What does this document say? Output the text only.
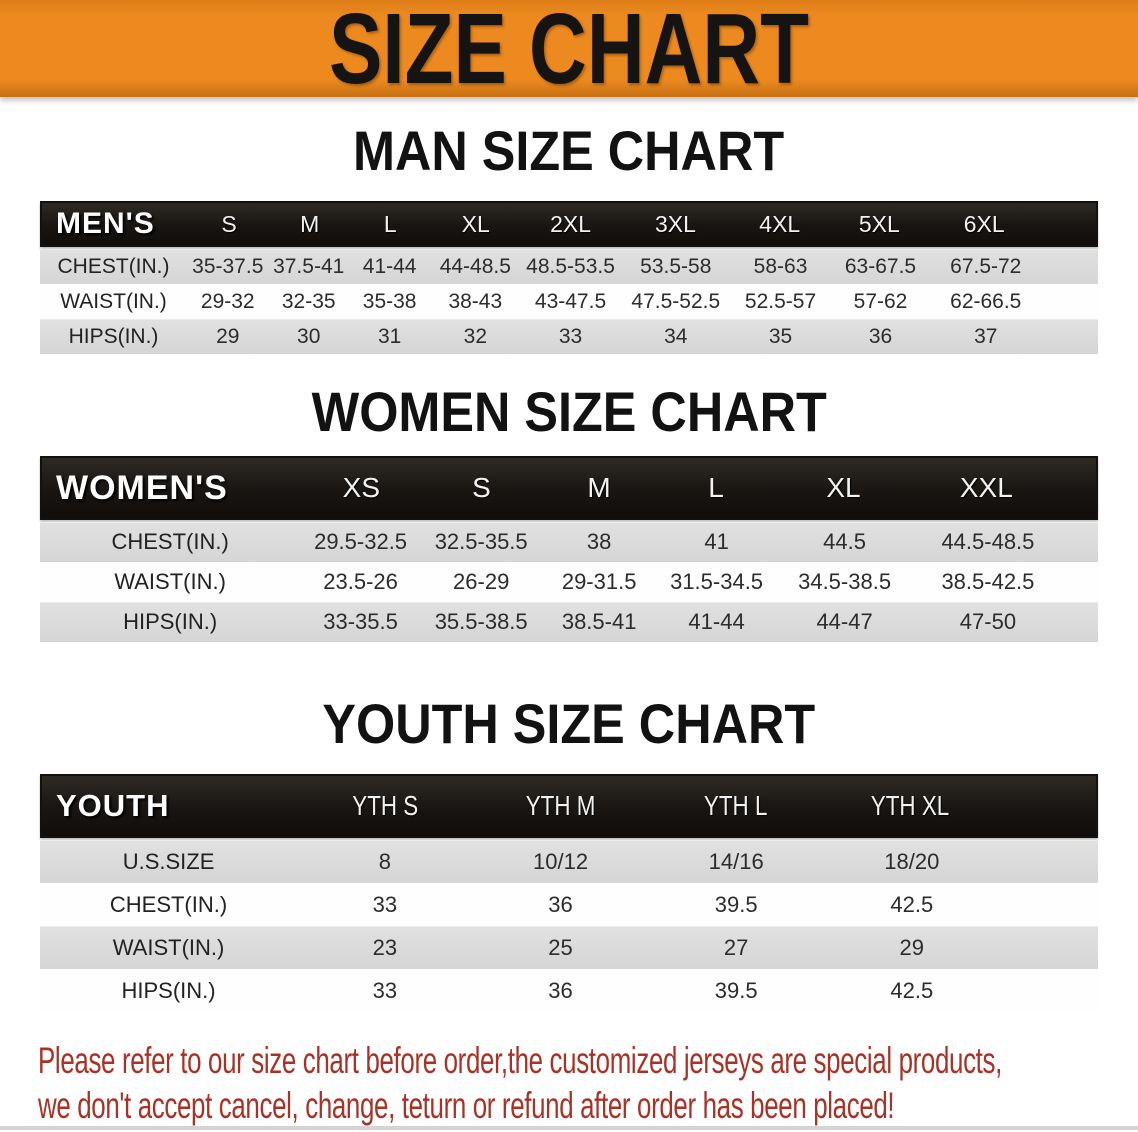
SIZE CHART
MAN SIZE CHART
MEN'S	S	M	L	XL	2XL	3XL	4XL	5XL	6XL
CHEST(IN.) 35-37.5 37.5-41 41-44 44-48.5 48.5-53.5 53.5-58 58-63 63-67.5 67.5-72
WAIST(IN.) 29-32 32-35 35-38 38-43 43-47.5 47.5-52.5 52.5-57 57-62 62-66.5
HIPS(IN.)	29	30	31	32	33	34	35	36	37
WOMEN SIZE CHART
WOMEN'S	XS	S	M	L	XL	XXL
CHEST(IN.)	29.5-32.5 32.5-35.5	38	41	44.5	44.5-48.5
WAIST(IN.)	23.5-26	26-29 29-31.5 31.5-34.5 34.5-38.5 38.5-42.5
HIPS(IN.)	33-35.5 35.5-38.5 38.5-41 41-44	44-47	47-50
YOUTH SIZE CHART
YOUTH	YTH S	YTH M	YTH L	YTH XL
U.S.SIZE	8	10/12	14/16	18/20
CHEST(IN.)	33	36	39.5	42.5
WAIST(IN.)	23	25	27	29
HIPS(IN.)	33	36	39.5	42.5
Please refer to our size chart before order,the customized jerseys are special products,
we don't accept cancel, change, teturn or refund after order has been placed!
